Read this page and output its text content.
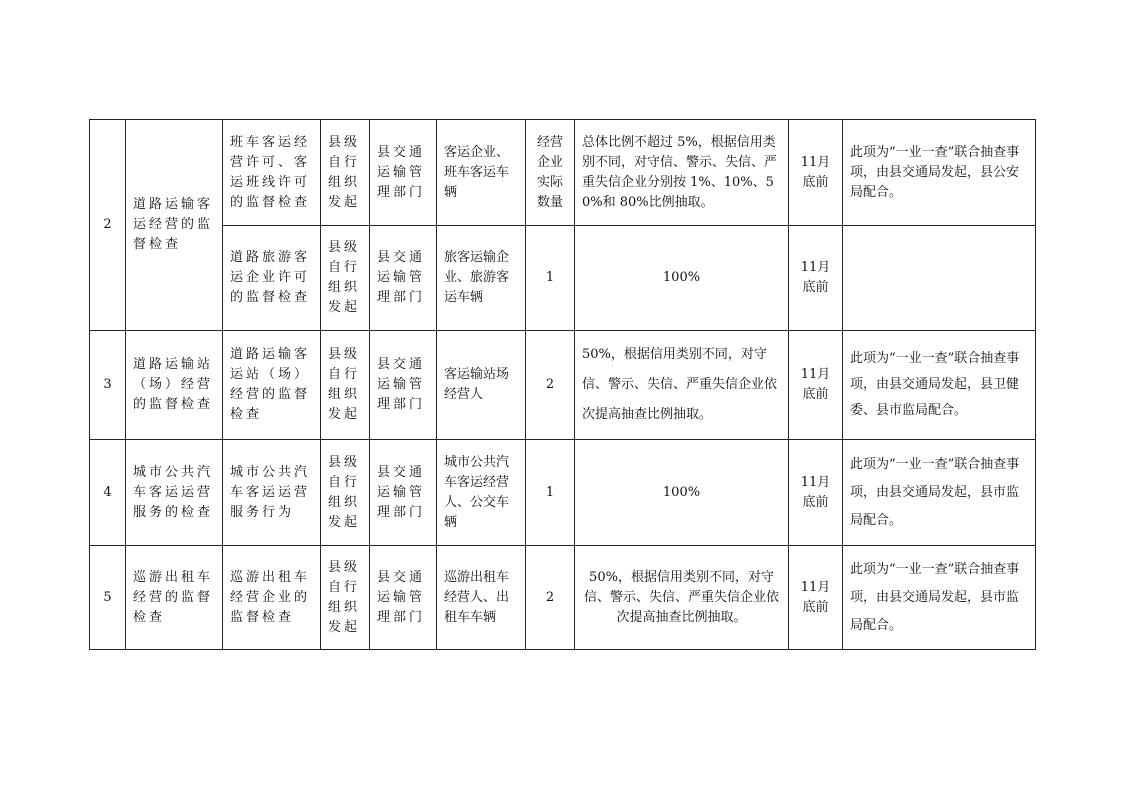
2	道路运输客运经营的监督检查	班车客运经营许可、客运班线许可的监督检查	县级自行组织发起	县交通运输管理部门	客运企业、班车客运车辆	经营企业实际数量	总体比例不超过 5%，根据信用类别不同，对守信、警示、失信、严重失信企业分别按 1%、10%、50%和 80%比例抽取。	11月底前	此项为“一业一查”联合抽查事项，由县交通局发起，县公安局配合。
		道路旅游客运企业许可的监督检查	县级自行组织发起	县交通运输管理部门	旅客运输企业、旅游客运车辆	1	100%	11月底前	
3	道路运输站（场）经营的监督检查	道路运输客运站（场）经营的监督检查	县级自行组织发起	县交通运输管理部门	客运输站场经营人	2	50%，根据信用类别不同，对守信、警示、失信、严重失信企业依次提高抽查比例抽取。	11月底前	此项为“一业一查”联合抽查事项，由县交通局发起，县卫健委、县市监局配合。
4	城市公共汽车客运运营服务的检查	城市公共汽车客运运营服务行为	县级自行组织发起	县交通运输管理部门	城市公共汽车客运经营人、公交车辆	1	100%	11月底前	此项为“一业一查”联合抽查事项，由县交通局发起，县市监局配合。
5	巡游出租车经营的监督检查	巡游出租车经营企业的监督检查	县级自行组织发起	县交通运输管理部门	巡游出租车经营人、出租车车辆	2	50%，根据信用类别不同，对守信、警示、失信、严重失信企业依次提高抽查比例抽取。	11月底前	此项为“一业一查”联合抽查事项，由县交通局发起，县市监局配合。
